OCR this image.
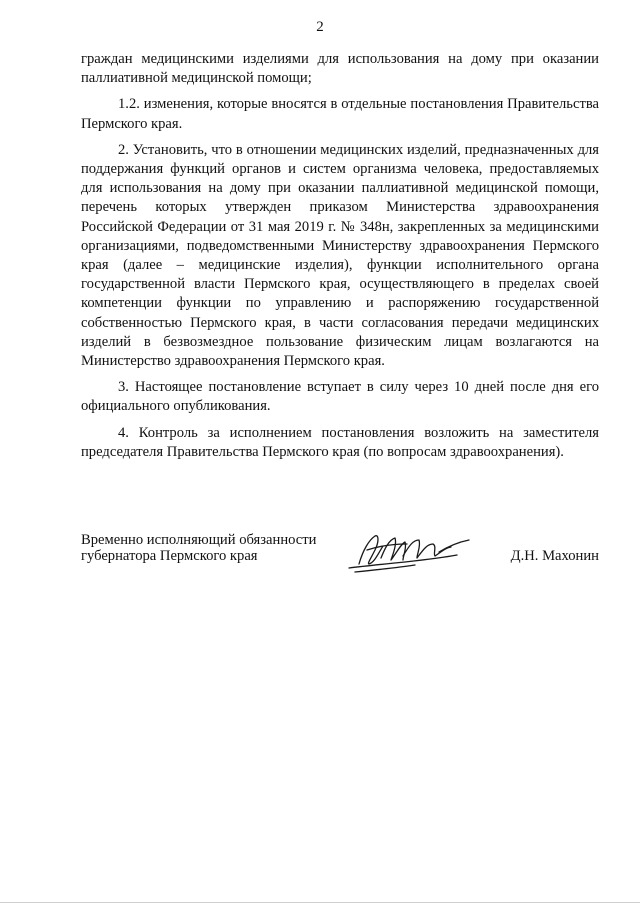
2

граждан медицинскими изделиями для использования на дому при оказании паллиативной медицинской помощи;

1.2. изменения, которые вносятся в отдельные постановления Правительства Пермского края.

2. Установить, что в отношении медицинских изделий, предназначенных для поддержания функций органов и систем организма человека, предоставляемых для использования на дому при оказании паллиативной медицинской помощи, перечень которых утвержден приказом Министерства здравоохранения Российской Федерации от 31 мая 2019 г. № 348н, закрепленных за медицинскими организациями, подведомственными Министерству здравоохранения Пермского края (далее – медицинские изделия), функции исполнительного органа государственной власти Пермского края, осуществляющего в пределах своей компетенции функции по управлению и распоряжению государственной собственностью Пермского края, в части согласования передачи медицинских изделий в безвозмездное пользование физическим лицам возлагаются на Министерство здравоохранения Пермского края.

3. Настоящее постановление вступает в силу через 10 дней после дня его официального опубликования.

4. Контроль за исполнением постановления возложить на заместителя председателя Правительства Пермского края (по вопросам здравоохранения).

Временно исполняющий обязанности
губернатора Пермского края	Д.Н. Махонин
